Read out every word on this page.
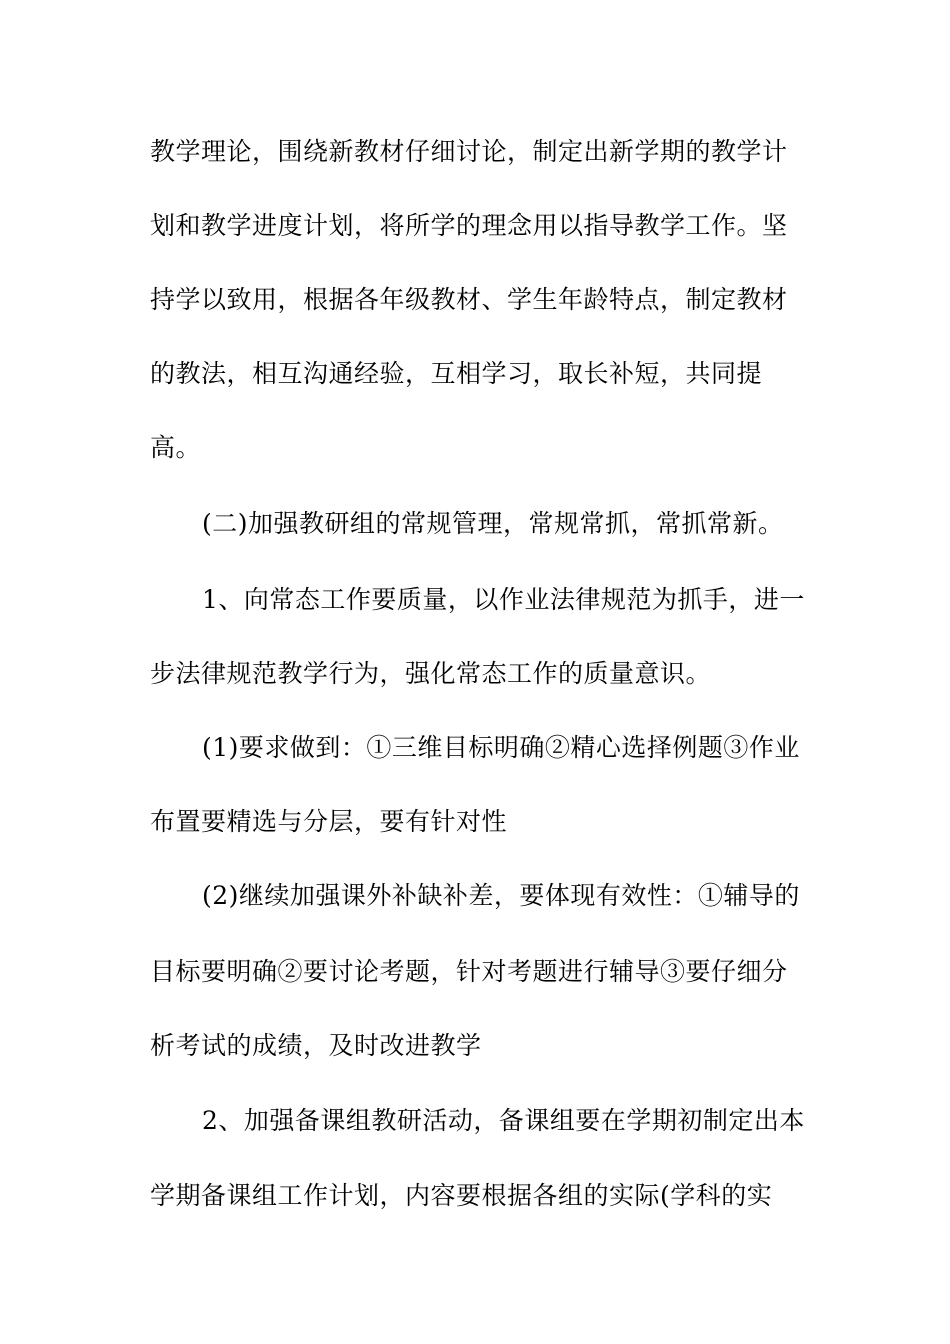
教学理论，围绕新教材仔细讨论，制定出新学期的教学计
划和教学进度计划，将所学的理念用以指导教学工作。坚
持学以致用，根据各年级教材、学生年龄特点，制定教材
的教法，相互沟通经验，互相学习，取长补短，共同提
高。
(二)加强教研组的常规管理，常规常抓，常抓常新。
1、向常态工作要质量，以作业法律规范为抓手，进一
步法律规范教学行为，强化常态工作的质量意识。
(1)要求做到：①三维目标明确②精心选择例题③作业
布置要精选与分层，要有针对性
(2)继续加强课外补缺补差，要体现有效性：①辅导的
目标要明确②要讨论考题，针对考题进行辅导③要仔细分
析考试的成绩，及时改进教学
2、加强备课组教研活动，备课组要在学期初制定出本
学期备课组工作计划，内容要根据各组的实际(学科的实
